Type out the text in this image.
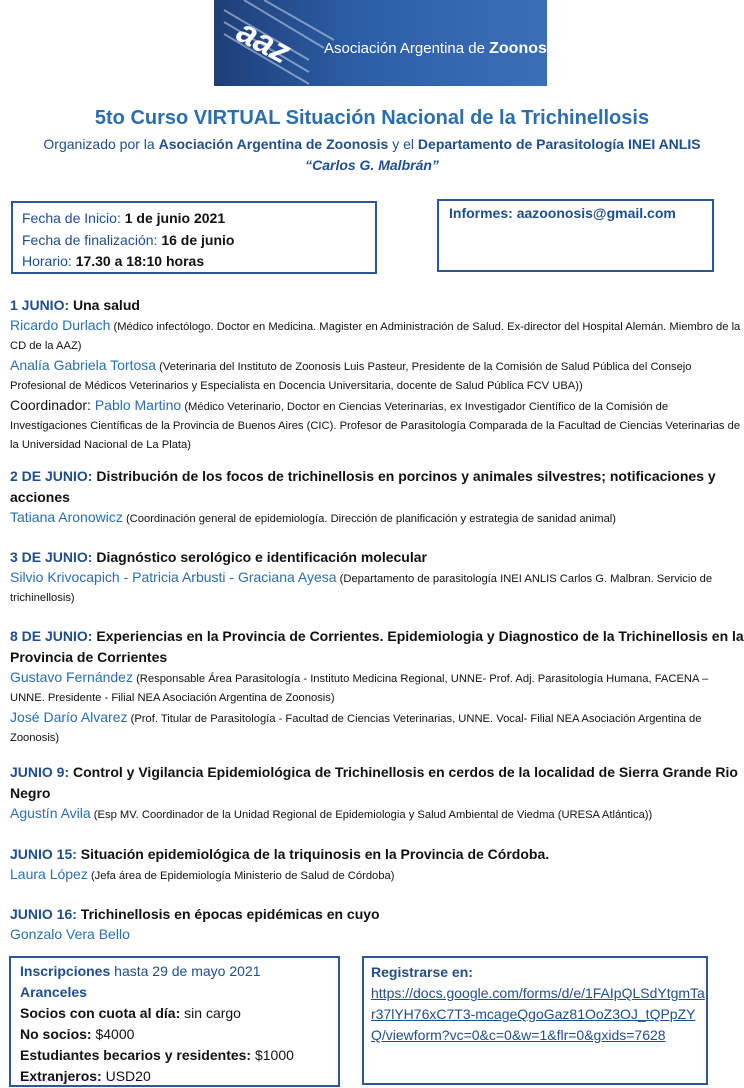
aaz Asociación Argentina de Zoonosis
5to Curso VIRTUAL Situación Nacional de la Trichinellosis
Organizado por la Asociación Argentina de Zoonosis y el Departamento de Parasitología INEI ANLIS
“Carlos G. Malbrán”
Fecha de Inicio: 1 de junio 2021
Fecha de finalización: 16 de junio
Horario: 17.30 a 18:10 horas
Informes: aazoonosis@gmail.com
1 JUNIO: Una salud
Ricardo Durlach (Médico infectólogo. Doctor en Medicina. Magister en Administración de Salud. Ex-director del Hospital Alemán. Miembro de la CD de la AAZ)
Analía Gabriela Tortosa (Veterinaria del Instituto de Zoonosis Luis Pasteur, Presidente de la Comisión de Salud Pública del Consejo Profesional de Médicos Veterinarios y Especialista en Docencia Universitaria, docente de Salud Pública FCV UBA))
Coordinador: Pablo Martino (Médico Veterinario, Doctor en Ciencias Veterinarias, ex Investigador Científico de la Comisión de Investigaciones Científicas de la Provincia de Buenos Aires (CIC). Profesor de Parasitología Comparada de la Facultad de Ciencias Veterinarias de la Universidad Nacional de La Plata)
2 DE JUNIO: Distribución de los focos de trichinellosis en porcinos y animales silvestres; notificaciones y acciones
Tatiana Aronowicz (Coordinación general de epidemiología. Dirección de planificación y estrategia de sanidad animal)
3 DE JUNIO: Diagnóstico serológico e identificación molecular
Silvio Krivocapich - Patricia Arbusti - Graciana Ayesa (Departamento de parasitología INEI ANLIS Carlos G. Malbran. Servicio de trichinellosis)
8 DE JUNIO: Experiencias en la Provincia de Corrientes. Epidemiologia y Diagnostico de la Trichinellosis en la Provincia de Corrientes
Gustavo Fernández (Responsable Área Parasitología - Instituto Medicina Regional, UNNE- Prof. Adj. Parasitología Humana, FACENA – UNNE. Presidente - Filial NEA Asociación Argentina de Zoonosis)
José Darío Alvarez (Prof. Titular de Parasitología - Facultad de Ciencias Veterinarias, UNNE. Vocal- Filial NEA Asociación Argentina de Zoonosis)
JUNIO 9: Control y Vigilancia Epidemiológica de Trichinellosis en cerdos de la localidad de Sierra Grande Rio Negro
Agustín Avila (Esp MV. Coordinador de la Unidad Regional de Epidemiologia y Salud Ambiental de Viedma (URESA Atlántica))
JUNIO 15: Situación epidemiológica de la triquinosis en la Provincia de Córdoba.
Laura López (Jefa área de Epidemiología Ministerio de Salud de Córdoba)
JUNIO 16: Trichinellosis en épocas epidémicas en cuyo
Gonzalo Vera Bello
Inscripciones hasta 29 de mayo 2021
Aranceles
Socios con cuota al día: sin cargo
No socios: $4000
Estudiantes becarios y residentes: $1000
Extranjeros: USD20
Registrarse en:
https://docs.google.com/forms/d/e/1FAIpQLSdYtgmTar37lYH76xC7T3-mcageQgoGaz81OoZ3OJ_tQPpZYQ/viewform?vc=0&c=0&w=1&flr=0&gxids=7628
